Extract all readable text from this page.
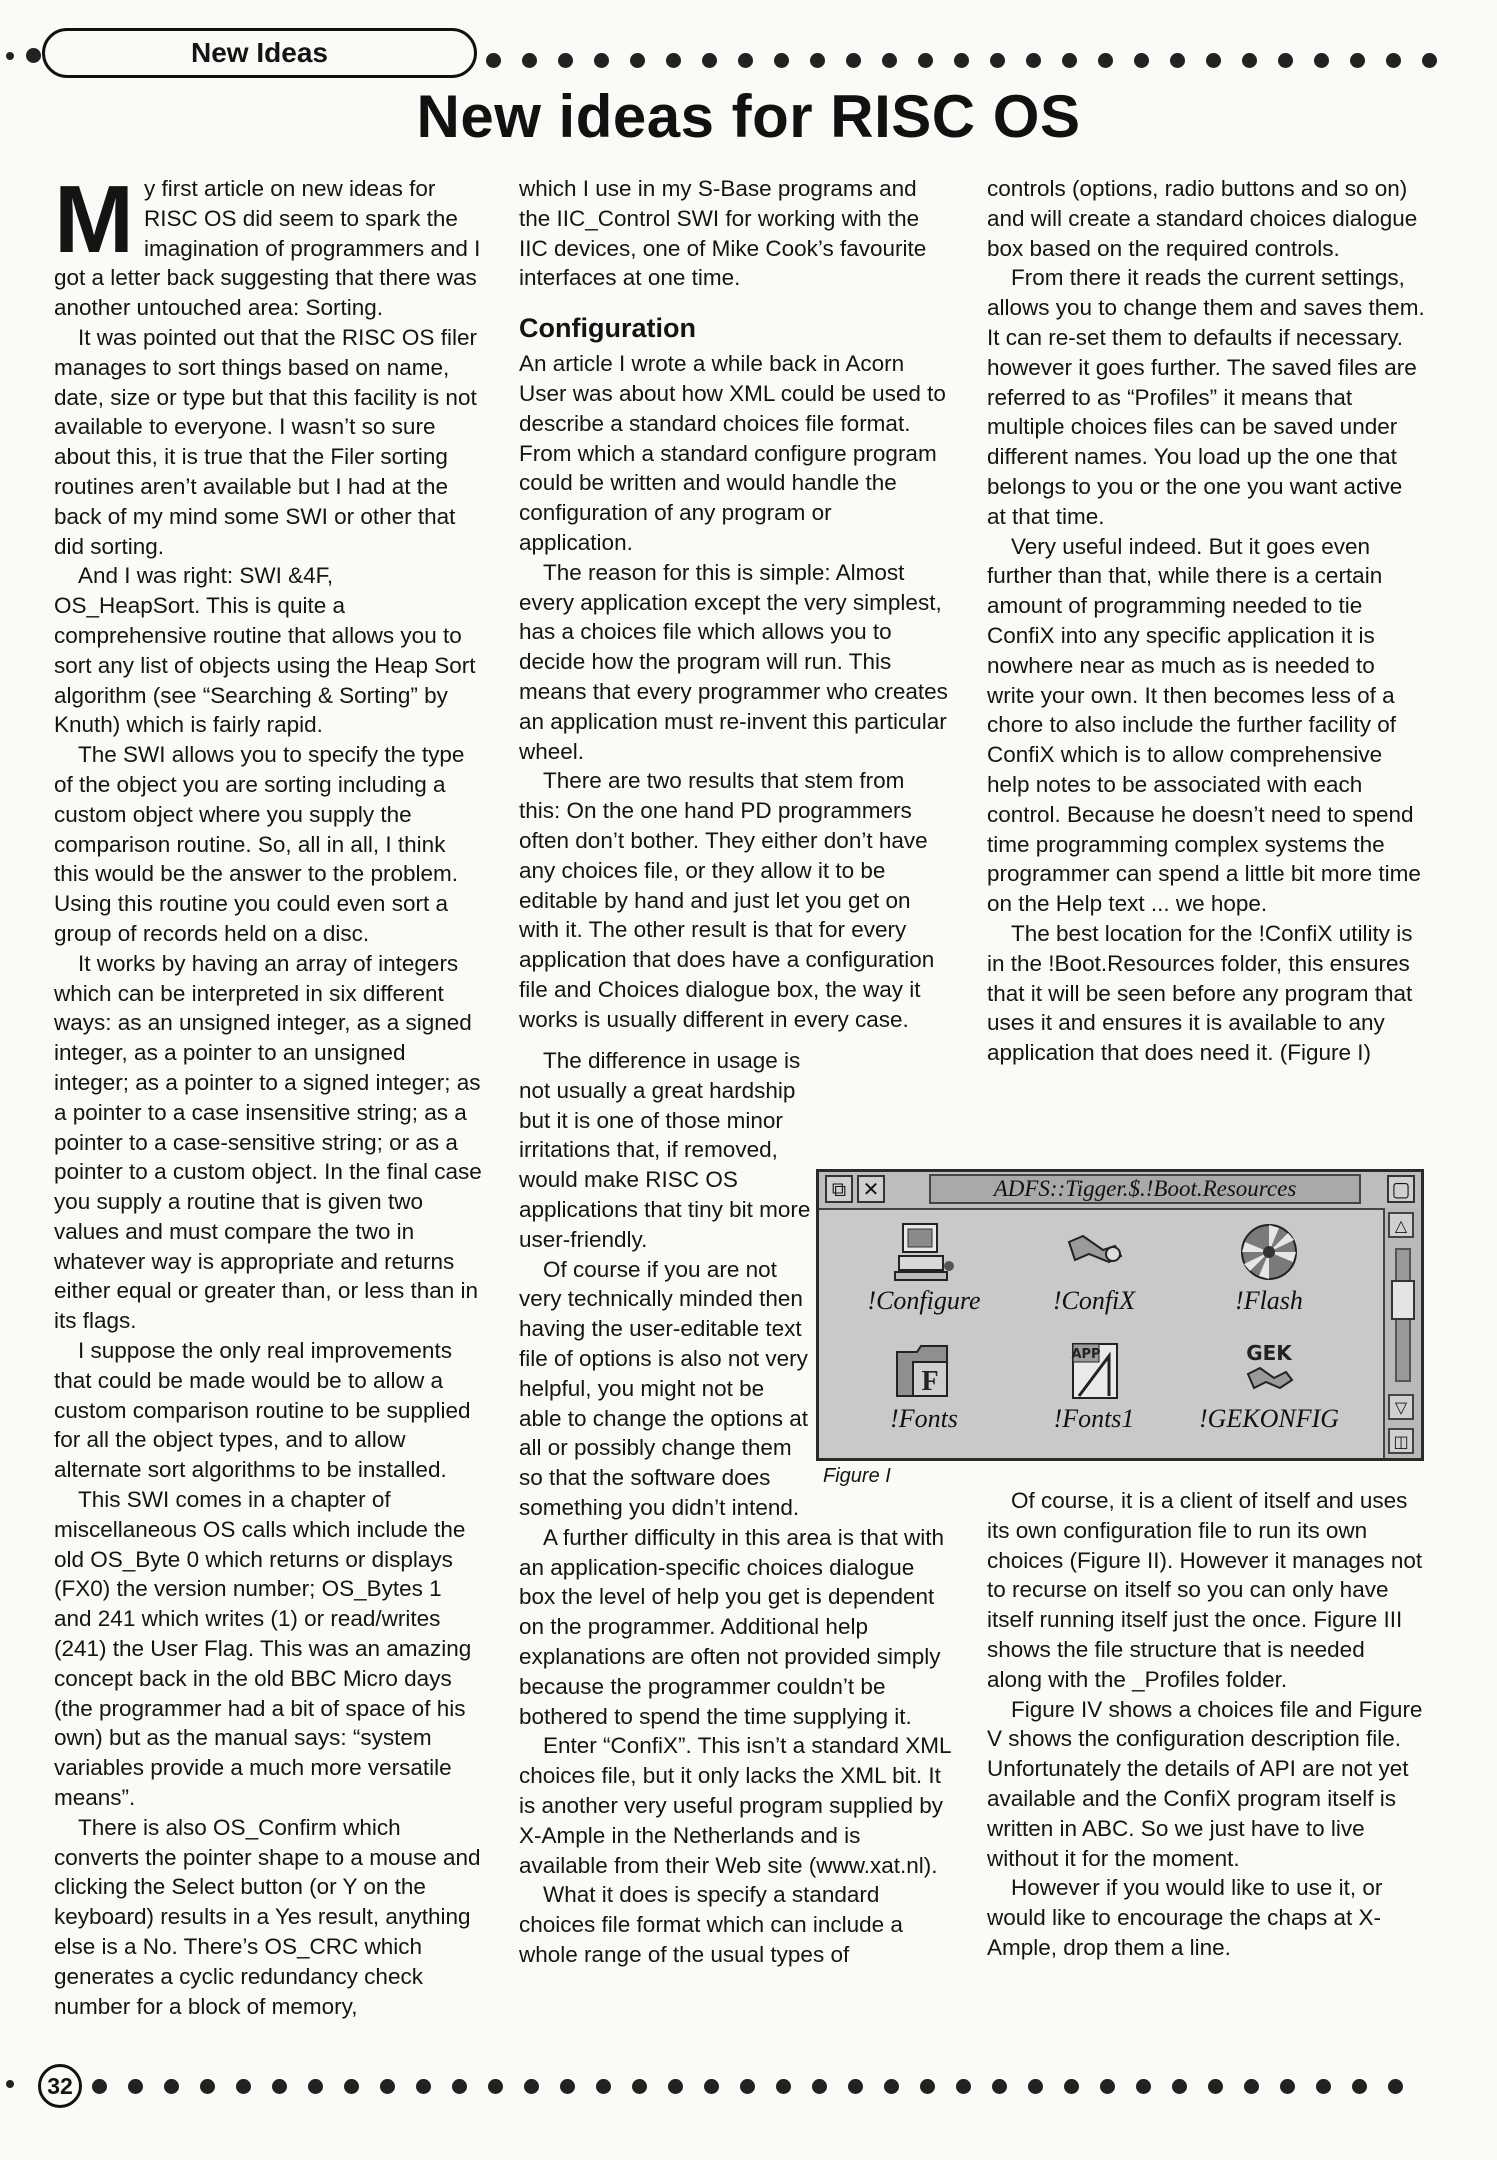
New Ideas
New ideas for RISC OS

My first article on new ideas for RISC OS did seem to spark the imagination of programmers and I got a letter back suggesting that there was another untouched area: Sorting.

It was pointed out that the RISC OS filer manages to sort things based on name, date, size or type but that this facility is not available to everyone. I wasn’t so sure about this, it is true that the Filer sorting routines aren’t available but I had at the back of my mind some SWI or other that did sorting.

And I was right: SWI &4F, OS_HeapSort. This is quite a comprehensive routine that allows you to sort any list of objects using the Heap Sort algorithm (see “Searching & Sorting” by Knuth) which is fairly rapid.

The SWI allows you to specify the type of the object you are sorting including a custom object where you supply the comparison routine. So, all in all, I think this would be the answer to the problem. Using this routine you could even sort a group of records held on a disc.

It works by having an array of integers which can be interpreted in six different ways: as an unsigned integer, as a signed integer, as a pointer to an unsigned integer; as a pointer to a signed integer; as a pointer to a case insensitive string; as a pointer to a case-sensitive string; or as a pointer to a custom object. In the final case you supply a routine that is given two values and must compare the two in whatever way is appropriate and returns either equal or greater than, or less than in its flags.

I suppose the only real improvements that could be made would be to allow a custom comparison routine to be supplied for all the object types, and to allow alternate sort algorithms to be installed.

This SWI comes in a chapter of miscellaneous OS calls which include the old OS_Byte 0 which returns or displays (FX0) the version number; OS_Bytes 1 and 241 which writes (1) or read/writes (241) the User Flag. This was an amazing concept back in the old BBC Micro days (the programmer had a bit of space of his own) but as the manual says: “system variables provide a much more versatile means”.

There is also OS_Confirm which converts the pointer shape to a mouse and clicking the Select button (or Y on the keyboard) results in a Yes result, anything else is a No. There’s OS_CRC which generates a cyclic redundancy check number for a block of memory,

which I use in my S-Base programs and the IIC_Control SWI for working with the IIC devices, one of Mike Cook’s favourite interfaces at one time.

Configuration

An article I wrote a while back in Acorn User was about how XML could be used to describe a standard choices file format. From which a standard configure program could be written and would handle the configuration of any program or application.

The reason for this is simple: Almost every application except the very simplest, has a choices file which allows you to decide how the program will run. This means that every programmer who creates an application must re-invent this particular wheel.

There are two results that stem from this: On the one hand PD programmers often don’t bother. They either don’t have any choices file, or they allow it to be editable by hand and just let you get on with it. The other result is that for every application that does have a configuration file and Choices dialogue box, the way it works is usually different in every case.

The difference in usage is not usually a great hardship but it is one of those minor irritations that, if removed, would make RISC OS applications that tiny bit more user-friendly.

Of course if you are not very technically minded then having the user-editable text file of options is also not very helpful, you might not be able to change the options at all or possibly change them so that the software does something you didn’t intend.

A further difficulty in this area is that with an application-specific choices dialogue box the level of help you get is dependent on the programmer. Additional help explanations are often not provided simply because the programmer couldn’t be bothered to spend the time supplying it.

Enter “ConfiX”. This isn’t a standard XML choices file, but it only lacks the XML bit. It is another very useful program supplied by X-Ample in the Netherlands and is available from their Web site (www.xat.nl).

What it does is specify a standard choices file format which can include a whole range of the usual types of

controls (options, radio buttons and so on) and will create a standard choices dialogue box based on the required controls.

From there it reads the current settings, allows you to change them and saves them. It can re-set them to defaults if necessary. however it goes further. The saved files are referred to as “Profiles” it means that multiple choices files can be saved under different names. You load up the one that belongs to you or the one you want active at that time.

Very useful indeed. But it goes even further than that, while there is a certain amount of programming needed to tie ConfiX into any specific application it is nowhere near as much as is needed to write your own. It then becomes less of a chore to also include the further facility of ConfiX which is to allow comprehensive help notes to be associated with each control. Because he doesn’t need to spend time programming complex systems the programmer can spend a little bit more time on the Help text ... we hope.

The best location for the !ConfiX utility is in the !Boot.Resources folder, this ensures that it will be seen before any program that uses it and ensures it is available to any application that does need it. (Figure I)

Of course, it is a client of itself and uses its own configuration file to run its own choices (Figure II). However it manages not to recurse on itself so you can only have itself running itself just the once. Figure III shows the file structure that is needed along with the _Profiles folder.

Figure IV shows a choices file and Figure V shows the configuration description file. Unfortunately the details of API are not yet available and the ConfiX program itself is written in ABC. So we just have to live without it for the moment.

However if you would like to use it, or would like to encourage the chaps at X-Ample, drop them a line.

⧉ ✕	ADFS::Tigger.$.!Boot.Resources	▢
△
▽
◫
!Configure	!ConfiX	!Flash
F
!Fonts
APP
!Fonts1
GEK
!GEKONFIG
Figure I
32
